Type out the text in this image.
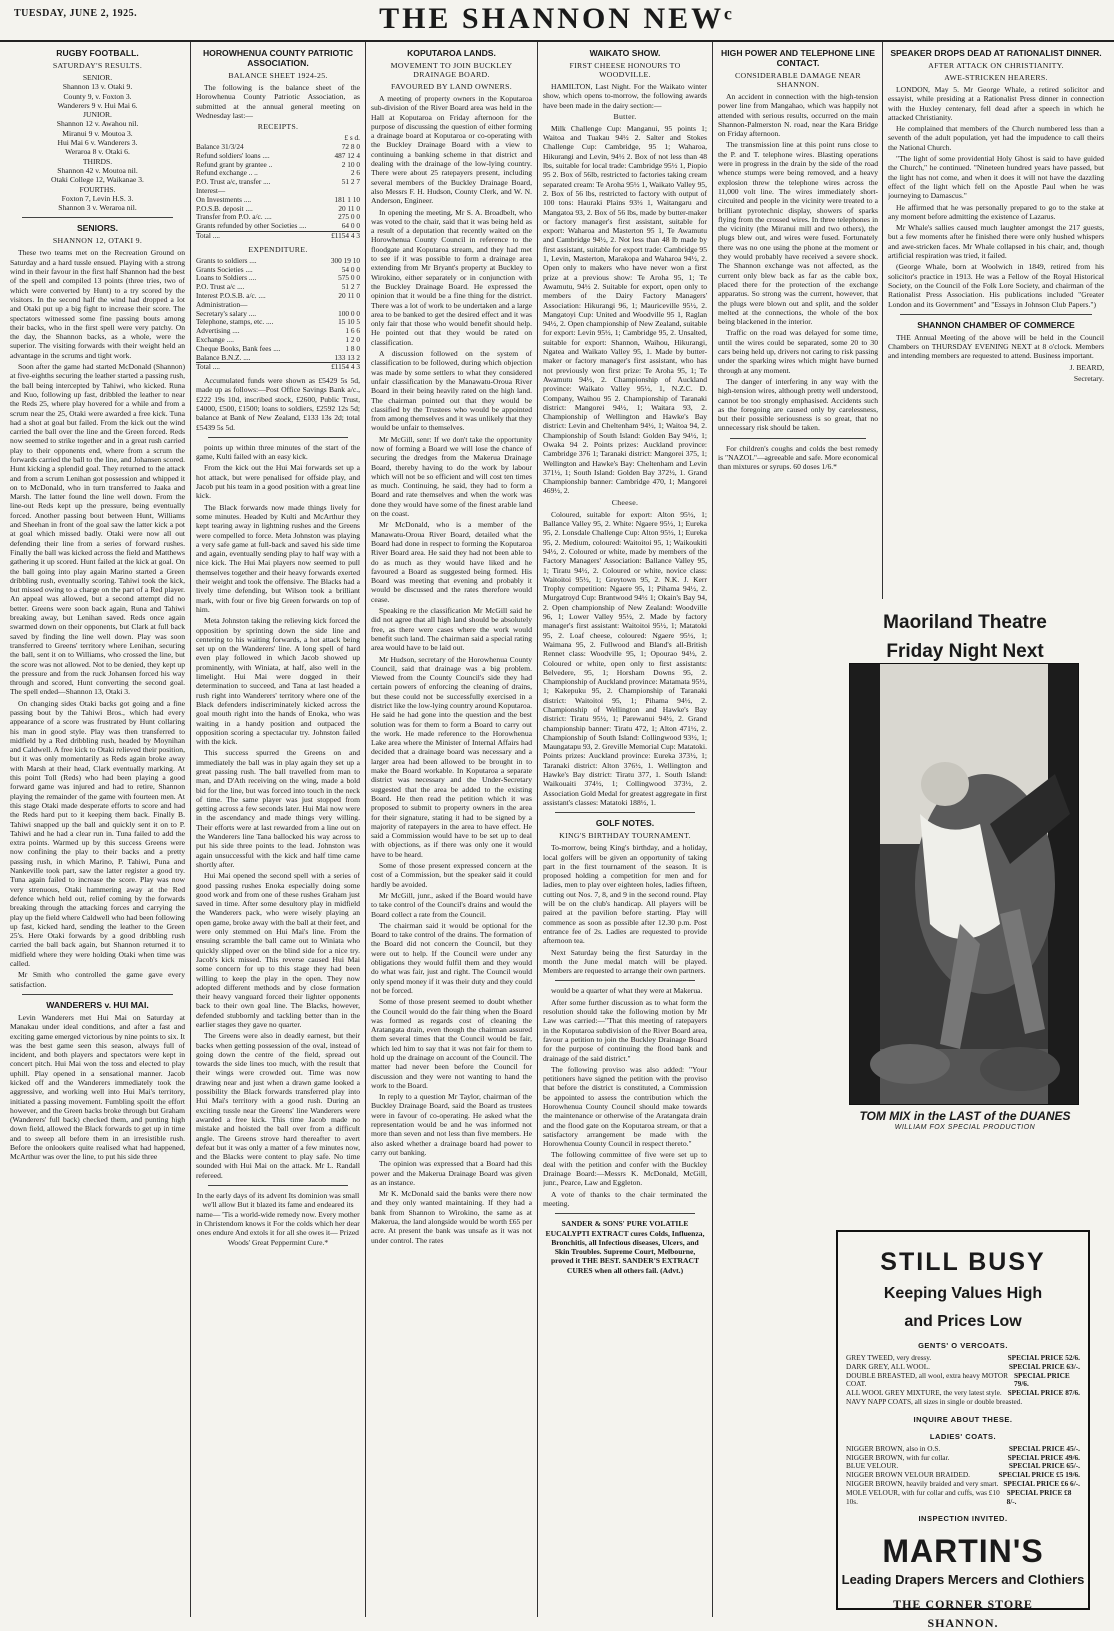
TUESDAY, JUNE 2, 1925.	THE SHANNON NEWᶜ
RUGBY FOOTBALL.
SATURDAY'S RESULTS.

SENIOR.

Shannon 13 v. Otaki 9.

County 9, v. Foxton 3.

Wanderers 9 v. Hui Mai 6.

JUNIOR.

Shannon 12 v. Awahou nil.

Miranui 9 v. Moutoa 3.

Hui Mai 6 v. Wanderers 3.

Weraroa 8 v. Otaki 6.

THIRDS.

Shannon 42 v. Moutoa nil.

Otaki College 12, Waikanae 3.

FOURTHS.

Foxton 7, Levin H.S. 3.

Shannon 3 v. Weraroa nil.

SENIORS.
SHANNON 12, OTAKI 9.

These two teams met on the Recreation Ground on Saturday and a hard tussle ensued. Playing with a strong wind in their favour in the first half Shannon had the best of the spell and compiled 13 points (three tries, two of which were converted by Hunt) to a try scored by the visitors. In the second half the wind had dropped a lot and Otaki put up a big fight to increase their score. The spectators witnessed some fine passing bouts among their backs, who in the first spell were very patchy. On the day, the Shannon backs, as a whole, were the superior. The visiting forwards with their weight held an advantage in the scrums and tight work.

Soon after the game had started McDonald (Shannon) at five-eighths securing the leather started a passing rush, the ball being intercepted by Tahiwi, who kicked. Runa and Kuo, following up fast, dribbled the leather to near the Reds 25, where play hovered for a while and from a scrum near the 25, Otaki were awarded a free kick. Tuna had a shot at goal but failed. From the kick out the wind carried the ball over the line and the Green forced. Reds now seemed to strike together and in a great rush carried play to their opponents end, where from a scrum the forwards carried the ball to the line, and Johansen scored. Hunt kicking a splendid goal. They returned to the attack and from a scrum Lenihan got possession and whipped it on to McDonald, who in turn transferred to Jaaka and Marsh. The latter found the line well down. From the line-out Reds kept up the pressure, being eventually forced. Another passing bout between Hunt, Williams and Sheehan in front of the goal saw the latter kick a pot at goal which missed badly. Otaki were now all out defending their line from a series of forward rushes. Finally the ball was kicked across the field and Matthews gathering it up scored. Hunt failed at the kick at goal. On the ball going into play again Marino started a Green dribbling rush, eventually scoring. Tahiwi took the kick, but missed owing to a charge on the part of a Red player. An appeal was allowed, but a second attempt did no better. Greens were soon back again, Runa and Tahiwi breaking away, but Lenihan saved. Reds once again swarmed down on their opponents, but Clark at full back saved by finding the line well down. Play was soon transferred to Greens' territory where Lenihan, securing the ball, sent it on to Williams, who crossed the line, but the score was not allowed. Not to be denied, they kept up the pressure and from the ruck Johansen forced his way through and scored, Hunt converting the second goal. The spell ended—Shannon 13, Otaki 3.

On changing sides Otaki backs got going and a fine passing bout by the Tahiwi Bros., which had every appearance of a score was frustrated by Hunt collaring his man in good style. Play was then transferred to midfield by a Red dribbling rush, headed by Moynihan and Caldwell. A free kick to Otaki relieved their position, but it was only momentarily as Reds again broke away with Marsh at their head, Clark eventually marking. At this point Toll (Reds) who had been playing a good forward game was injured and had to retire, Shannon playing the remainder of the game with fourteen men. At this stage Otaki made desperate efforts to score and had the Reds hard put to it keeping them back. Finally B. Tahiwi snapped up the ball and quickly sent it on to P. Tahiwi and he had a clear run in. Tuna failed to add the extra points. Warmed up by this success Greens were now confining the play to their backs and a pretty passing rush, in which Marino, P. Tahiwi, Puna and Nankeville took part, saw the latter register a good try. Tuna again failed to increase the score. Play was now very strenuous, Otaki hammering away at the Red defence which held out, relief coming by the forwards breaking through the attacking forces and carrying the play up the field where Caldwell who had been following up fast, kicked hard, sending the leather to the Green 25's. Here Otaki forwards by a good dribbling rush carried the ball back again, but Shannon returned it to midfield where they were holding Otaki when time was called.

Mr Smith who controlled the game gave every satisfaction.

WANDERERS v. HUI MAI.

Levin Wanderers met Hui Mai on Saturday at Manakau under ideal conditions, and after a fast and exciting game emerged victorious by nine points to six. It was the best game seen this season, always full of incident, and both players and spectators were kept in concert pitch. Hui Mai won the toss and elected to play uphill. Play opened in a sensational manner. Jacob kicked off and the Wanderers immediately took the aggressive, and working well into Hui Mai's territory, initiated a passing movement. Fumbling spoilt the effort however, and the Green backs broke through but Graham (Wanderers' full back) checked them, and punting high down field, allowed the Black forwards to get up in time and to sweep all before them in an irresistible rush. Before the onlookers quite realised what had happened, McArthur was over the line, to put his side three

HOROWHENUA COUNTY PATRIOTIC ASSOCIATION.
BALANCE SHEET 1924-25.

The following is the balance sheet of the Horowhenua County Patriotic Association, as submitted at the annual general meeting on Wednesday last:—

RECEIPTS.
	£ s d.
Balance 31/3/24	72 8 0
Refund soldiers' loans ....	487 12 4
Refund grant by grantee ..	2 10 0
Refund exchange .. ..	2 6
P.O. Trust a/c, transfer ....	51 2 7
Interest—	
On Investments ....	181 1 10
P.O.S.B. deposit ....	20 11 0
Transfer from P.O. a/c. ....	275 0 0
Grants refunded by other Societies ....	64 0 0
Total ....	£1154 4 3
EXPENDITURE.
Grants to soldiers ....	300 19 10
Grants Societies ....	54 0 0
Loans to Soldiers ....	575 0 0
P.O. Trust a/c ....	51 2 7
Interest P.O.S.B. a/c. ....	20 11 0
Administration—	
Secretary's salary ....	100 0 0
Telephone, stamps, etc. ....	15 10 5
Advertising ....	1 6 6
Exchange ....	1 2 0
Cheque Books, Bank fees ....	1 8 0
Balance B.N.Z. ....	133 13 2
Total ....	£1154 4 3

Accumulated funds were shown as £5429 5s 5d, made up as follows:—Post Office Savings Bank a/c., £222 19s 10d, inscribed stock, £2600, Public Trust, £4000, £500, £1500; loans to soldiers, £2592 12s 5d; balance at Bank of New Zealand, £133 13s 2d; total £5439 5s 5d.

points up within three minutes of the start of the game, Kulti failed with an easy kick.

From the kick out the Hui Mai forwards set up a hot attack, but were penalised for offside play, and Jacob put his team in a good position with a great line kick.

The Black forwards now made things lively for some minutes. Headed by Kulti and McArthur they kept tearing away in lightning rushes and the Greens were compelled to force. Meta Johnston was playing a very safe game at full-back and saved his side time and again, eventually sending play to half way with a nice kick. The Hui Mai players now seemed to pull themselves together and their heavy forwards exerted their weight and took the offensive. The Blacks had a lively time defending, but Wilson took a brilliant mark, with four or five big Green forwards on top of him.

Meta Johnston taking the relieving kick forced the opposition by sprinting down the side line and centering to his waiting forwards, a hot attack being set up on the Wanderers' line. A long spell of hard even play followed in which Jacob showed up prominently, with Winiata, at half, also well in the limelight. Hui Mai were dogged in their determination to succeed, and Tana at last headed a rush right into Wanderers' territory where one of the Black defenders indiscriminately kicked across the goal mouth right into the hands of Enoka, who was waiting in a handy position and outpaced the opposition scoring a spectacular try. Johnston failed with the kick.

This success spurred the Greens on and immediately the ball was in play again they set up a great passing rush. The ball travelled from man to man, and D'Ath receiving on the wing, made a bold bid for the line, but was forced into touch in the neck of time. The same player was just stopped from getting across a few seconds later. Hui Mai now were in the ascendancy and made things very willing. Their efforts were at last rewarded from a line out on the Wanderers line Tana ballocked his way across to put his side three points to the lead. Johnston was again unsuccessful with the kick and half time came shortly after.

Hui Mai opened the second spell with a series of good passing rushes Enoka especially doing some good work and from one of these rushes Graham just saved in time. After some desultory play in midfield the Wanderers pack, who were wisely playing an open game, broke away with the ball at their feet, and were only stemmed on Hui Mai's line. From the ensuing scramble the ball came out to Winiata who quickly slipped over on the blind side for a nice try. Jacob's kick missed. This reverse caused Hui Mai some concern for up to this stage they had been willing to keep the play in the open. They now adopted different methods and by close formation their heavy vanguard forced their lighter opponents back to their own goal line. The Blacks, however, defended stubbornly and tackling better than in the earlier stages they gave no quarter.

The Greens were also in deadly earnest, but their backs when getting possession of the oval, instead of going down the centre of the field, spread out towards the side lines too much, with the result that their wings were crowded out. Time was now drawing near and just when a drawn game looked a possibility the Black forwards transferred play into Hui Mai's territory with a good rush. During an exciting tussle near the Greens' line Wanderers were awarded a free kick. This time Jacob made no mistake and hoisted the ball over from a difficult angle. The Greens strove hard thereafter to avert defeat but it was only a matter of a few minutes now, and the Blacks were content to play safe. No time sounded with Hui Mai on the attack. Mr L. Randall refereed.

In the early days of its advent Its dominion was small we'll allow But it blazed its fame and endeared its name— 'Tis a world-wide remedy now. Every mother in Christendom knows it For the colds which her dear ones endure And extols it for all she owes it— Prized Woods' Great Peppermint Cure.*

KOPUTAROA LANDS.
MOVEMENT TO JOIN BUCKLEY DRAINAGE BOARD.
FAVOURED BY LAND OWNERS.

A meeting of property owners in the Koputaroa sub-division of the River Board area was held in the Hall at Koputaroa on Friday afternoon for the purpose of discussing the question of either forming a drainage board at Koputaroa or co-operating with the Buckley Drainage Board with a view to continuing a banking scheme in that district and dealing with the drainage of the low-lying country. There were about 25 ratepayers present, including several members of the Buckley Drainage Board, also Messrs F. H. Hudson, County Clerk, and W. N. Anderson, Engineer.

In opening the meeting, Mr S. A. Broadbelt, who was voted to the chair, said that it was being held as a result of a deputation that recently waited on the Horowhenua County Council in reference to the floodgate and Koputaroa stream, and they had met to see if it was possible to form a drainage area extending from Mr Bryant's property at Buckley to Wirokino, either separately or in conjunction with the Buckley Drainage Board. He expressed the opinion that it would be a fine thing for the district. There was a lot of work to be undertaken and a large area to be banked to get the desired effect and it was only fair that those who would benefit should help. He pointed out that they would be rated on classification.

A discussion followed on the system of classification to be followed, during which objection was made by some settlers to what they considered unfair classification by the Manawatu-Oroua River Board in their being heavily rated on the high land. The chairman pointed out that they would be classified by the Trustees who would be appointed from among themselves and it was unlikely that they would be unfair to themselves.

Mr McGill, senr: If we don't take the opportunity now of forming a Board we will lose the chance of securing the dredges from the Makerua Drainage Board, thereby having to do the work by labour which will not be so efficient and will cost ten times as much. Continuing, he said, they had to form a Board and rate themselves and when the work was done they would have some of the finest arable land on the coast.

Mr McDonald, who is a member of the Manawatu-Oroua River Board, detailed what the Board had done in respect to forming the Koputaroa River Board area. He said they had not been able to do as much as they would have liked and he favoured a Board as suggested being formed. His Board was meeting that evening and probably it would be discussed and the rates therefore would cease.

Speaking re the classification Mr McGill said he did not agree that all high land should be absolutely free, as there were cases where the work would benefit such land. The chairman said a special rating area would have to be laid out.

Mr Hudson, secretary of the Horowhenua County Council, said that drainage was a big problem. Viewed from the County Council's side they had certain powers of enforcing the cleaning of drains, but these could not be successfully exercised in a district like the low-lying country around Koputaroa. He said he had gone into the question and the best solution was for them to form a Board to carry out the work. He made reference to the Horowhenua Lake area where the Minister of Internal Affairs had decided that a drainage board was necessary and a larger area had been allowed to be brought in to make the Board workable. In Koputaroa a separate district was necessary and the Under-Secretary suggested that the area be added to the existing Board. He then read the petition which it was proposed to submit to property owners in the area for their signature, stating it had to be signed by a majority of ratepayers in the area to have effect. He said a Commission would have to be set up to deal with objections, as if there was only one it would have to be heard.

Some of those present expressed concern at the cost of a Commission, but the speaker said it could hardly be avoided.

Mr McGill, junr., asked if the Board would have to take control of the Council's drains and would the Board collect a rate from the Council.

The chairman said it would be optional for the Board to take control of the drains. The formation of the Board did not concern the Council, but they were out to help. If the Council were under any obligations they would fulfil them and they would do what was fair, just and right. The Council would only spend money if it was their duty and they could not be forced.

Some of those present seemed to doubt whether the Council would do the fair thing when the Board was formed as regards cost of cleaning the Aratangata drain, even though the chairman assured them several times that the Council would be fair, which led him to say that it was not fair for them to hold up the drainage on account of the Council. The matter had never been before the Council for discussion and they were not wanting to hand the work to the Board.

In reply to a question Mr Taylor, chairman of the Buckley Drainage Board, said the Board as trustees were in favour of co-operating. He asked what the representation would be and he was informed not more than seven and not less than five members. He also asked whether a drainage board had power to carry out banking.

The opinion was expressed that a Board had this power and the Makerua Drainage Board was given as an instance.

Mr K. McDonald said the banks were there now and they only wanted maintaining. If they had a bank from Shannon to Wirokino, the same as at Makerua, the land alongside would be worth £65 per acre. At present the bank was unsafe as it was not under control. The rates

WAIKATO SHOW.
FIRST CHEESE HONOURS TO WOODVILLE.

HAMILTON, Last Night. For the Waikato winter show, which opens to-morrow, the following awards have been made in the dairy section:—

Butter.

Milk Challenge Cup: Manganui, 95 points 1; Waitoa and Tuakau 94½ 2. Salter and Stokes Challenge Cup: Cambridge, 95 1; Waharoa, Hikurangi and Levin, 94½ 2. Box of not less than 48 lbs, suitable for local trade: Cambridge 95½ 1, Piopio 95 2. Box of 56lb, restricted to factories taking cream separated cream: Te Aroha 95½ 1, Waikato Valley 95, 2. Box of 56 lbs, restricted to factory with output of 100 tons: Hauraki Plains 93½ 1, Waitangaru and Mangatoa 93, 2. Box of 56 lbs, made by butter-maker or factory manager's first assistant, suitable for export: Waharoa and Masterton 95 1, Te Awamutu and Cambridge 94½, 2. Not less than 48 lb made by first assistant, suitable for export trade: Cambridge 95 1, Levin, Masterton, Marakopa and Waharoa 94½, 2. Open only to makers who have never won a first prize at a previous show: Te Aroha 95, 1; Te Awamutu, 94½ 2. Suitable for export, open only to members of the Dairy Factory Managers' Association: Hikurangi 96, 1; Mauriceville 95½, 2. Mangatoyi Cup: United and Woodville 95 1, Raglan 94½, 2. Open championship of New Zealand, suitable for export: Levin 95½, 1; Cambridge 95, 2. Unsalted, suitable for export: Shannon, Waihou, Hikurangi, Ngatea and Waikato Valley 95, 1. Made by butter-maker or factory manager's first assistant, who has not previously won first prize: Te Aroha 95, 1; Te Awamutu 94½, 2. Championship of Auckland province: Waikato Valley 95½, 1, N.Z.C. D. Company, Waihou 95 2. Championship of Taranaki district: Mangorei 94½, 1; Waitara 93, 2. Championship of Wellington and Hawke's Bay district: Levin and Cheltenham 94½, 1; Waitoa 94, 2. Championship of South Island: Golden Bay 94½, 1; Owaka 94 2. Points prizes: Auckland province: Cambridge 376 1; Taranaki district: Mangorei 375, 1; Wellington and Hawke's Bay: Cheltenham and Levin 371½, 1; South Island: Golden Bay 372½, 1. Grand Championship banner: Cambridge 470, 1; Mangorei 469½, 2.

Cheese.

Coloured, suitable for export: Alton 95½, 1; Ballance Valley 95, 2. White: Ngaere 95½, 1; Eureka 95, 2. Lonsdale Challenge Cup: Alton 95½, 1; Eureka 95, 2. Medium, coloured: Waitoitoi 95, 1; Waikoukiti 94½, 2. Coloured or white, made by members of the Factory Managers' Association: Ballance Valley 95, 1; Tiratu 94½, 2. Coloured or white, novice class: Waitoitoi 95½, 1; Greytown 95, 2. N.K. J. Kerr Trophy competition: Ngaere 95, 1; Pihama 94½, 2. Murgatroyd Cup: Brantwood 94½ 1; Okain's Bay 94, 2. Open championship of New Zealand: Woodville 96, 1; Lower Valley 95½, 2. Made by factory manager's first assistant: Waitoitoi 95½, 1; Matatoki 95, 2. Loaf cheese, coloured: Ngaere 95½, 1; Waimana 95, 2. Fullwood and Bland's all-British Rennet class: Woodville 95, 1; Opourao 94½, 2. Coloured or white, open only to first assistants: Belvedere, 95, 1; Horsham Downs 95, 2. Championship of Auckland province: Matamata 95½, 1; Kakepuku 95, 2. Championship of Taranaki district: Waitoitoi 95, 1; Pihama 94½, 2. Championship of Wellington and Hawke's Bay district: Tiratu 95½, 1; Parewanui 94½, 2. Grand championship banner: Tiratu 472, 1; Alton 471½, 2. Championship of South Island: Collingwood 93½, 1; Maungatapu 93, 2. Greville Memorial Cup: Matatoki. Points prizes: Auckland province: Eureka 373½, 1; Taranaki district: Alton 376½, 1. Wellington and Hawke's Bay district: Tiratu 377, 1. South Island: Waikouaiti 374½, 1; Collingwood 373½, 2. Association Gold Medal for greatest aggregate in first assistant's classes: Matatoki 188½, 1.

GOLF NOTES.
KING'S BIRTHDAY TOURNAMENT.

To-morrow, being King's birthday, and a holiday, local golfers will be given an opportunity of taking part in the first tournament of the season. It is proposed holding a competition for men and for ladies, men to play over eighteen holes, ladies fifteen, cutting out Nos. 7, 8, and 9 in the second round. Play will be on the club's handicap. All players will be paired at the pavilion before starting. Play will commence as soon as possible after 12.30 p.m. Post entrance fee of 2s. Ladies are requested to provide afternoon tea.

Next Saturday being the first Saturday in the month the June medal match will be played. Members are requested to arrange their own partners.

would be a quarter of what they were at Makerua.

After some further discussion as to what form the resolution should take the following motion by Mr Law was carried:—"That this meeting of ratepayers in the Koputaroa subdivision of the River Board area, favour a petition to join the Buckley Drainage Board for the purpose of continuing the flood bank and drainage of the said district."

The following proviso was also added: "Your petitioners have signed the petition with the proviso that before the district is constituted, a Commission be appointed to assess the contribution which the Horowhenua County Council should make towards the maintenance or otherwise of the Aratangata drain and the flood gate on the Koputaroa stream, or that a satisfactory arrangement be made with the Horowhenua County Council in respect thereto."

The following committee of five were set up to deal with the petition and confer with the Buckley Drainage Board:—Messrs K. McDonald, McGill, junr., Pearce, Law and Eggleton.

A vote of thanks to the chair terminated the meeting.

SANDER & SONS' PURE VOLATILE EUCALYPTI EXTRACT cures Colds, Influenza, Bronchitis, all Infectious diseases, Ulcers, and Skin Troubles. Supreme Court, Melbourne, proved it THE BEST. SANDER'S EXTRACT CURES when all others fail. (Advt.)

HIGH POWER AND TELEPHONE LINE CONTACT.
CONSIDERABLE DAMAGE NEAR SHANNON.

An accident in connection with the high-tension power line from Mangahao, which was happily not attended with serious results, occurred on the main Shannon-Palmerston N. road, near the Kara Bridge on Friday afternoon.

The transmission line at this point runs close to the P. and T. telephone wires. Blasting operations were in progress in the drain by the side of the road whence stumps were being removed, and a heavy explosion threw the telephone wires across the 11,000 volt line. The wires immediately short-circuited and people in the vicinity were treated to a brilliant pyrotechnic display, showers of sparks flying from the crossed wires. In three telephones in the vicinity (the Miranui mill and two others), the plugs blew out, and wires were fused. Fortunately there was no one using the phone at the moment or they would probably have received a severe shock. The Shannon exchange was not affected, as the current only blew back as far as the cable box, placed there for the protection of the exchange apparatus. So strong was the current, however, that the plugs were blown out and split, and the solder melted at the connections, the whole of the box being blackened in the interior.

Traffic on the road was delayed for some time, until the wires could be separated, some 20 to 30 cars being held up, drivers not caring to risk passing under the sparking wires which might have burned through at any moment.

The danger of interfering in any way with the high-tension wires, although pretty well understood, cannot be too strongly emphasised. Accidents such as the foregoing are caused only by carelessness, but their possible seriousness is so great, that no unnecessary risk should be taken.

For children's coughs and colds the best remedy is "NAZOL"—agreeable and safe. More economical than mixtures or syrups. 60 doses 1/6.*

SPEAKER DROPS DEAD AT RATIONALIST DINNER.
AFTER ATTACK ON CHRISTIANITY.
AWE-STRICKEN HEARERS.

LONDON, May 5. Mr George Whale, a retired solicitor and essayist, while presiding at a Rationalist Press dinner in connection with the Huxley centenary, fell dead after a speech in which he attacked Christianity.

He complained that members of the Church numbered less than a seventh of the adult population, yet had the impudence to call theirs the National Church.

"The light of some providential Holy Ghost is said to have guided the Church," he continued. "Nineteen hundred years have passed, but the light has not come, and when it does it will not have the dazzling effect of the light which fell on the Apostle Paul when he was journeying to Damascus."

He affirmed that he was personally prepared to go to the stake at any moment before admitting the existence of Lazarus.

Mr Whale's sallies caused much laughter amongst the 217 guests, but a few moments after he finished there were only hushed whispers and awe-stricken faces. Mr Whale collapsed in his chair, and, though artificial respiration was tried, it failed.

(George Whale, born at Woolwich in 1849, retired from his solicitor's practice in 1913. He was a Fellow of the Royal Historical Society, on the Council of the Folk Lore Society, and chairman of the Rationalist Press Association. His publications included "Greater London and its Government" and "Essays in Johnson Club Papers.")

SHANNON CHAMBER OF COMMERCE

THE Annual Meeting of the above will be held in the Council Chambers on THURSDAY EVENING NEXT at 8 o'clock. Members and intending members are requested to attend. Business important.

J. BEARD,

Secretary.

Maoriland Theatre
Friday Night Next
TOM MIX in the LAST of the DUANES
WILLIAM FOX SPECIAL PRODUCTION
STILL BUSY
Keeping Values High
and Prices Low
GENTS' O VERCOATS.
GREY TWEED, very dressy.	SPECIAL PRICE 52/6.
DARK GREY, ALL WOOL.	SPECIAL PRICE 63/-.
DOUBLE BREASTED, all wool, extra heavy MOTOR COAT.
SPECIAL PRICE 79/6.
ALL WOOL GREY MIXTURE, the very latest style. SPECIAL PRICE 87/6.
NAVY NAPP COATS, all sizes in single or double breasted.
INQUIRE ABOUT THESE.
LADIES' COATS.
NIGGER BROWN, also in O.S.	SPECIAL PRICE 45/-.
NIGGER BROWN, with fur collar.	SPECIAL PRICE 49/6.
BLUE VELOUR.	SPECIAL PRICE 65/-.
NIGGER BROWN VELOUR BRAIDED.	SPECIAL PRICE £5 19/6.
NIGGER BROWN, heavily braided and very smart. SPECIAL PRICE £6 6/-.
MOLE VELOUR, with fur collar and cuffs, was £10 10s.
SPECIAL PRICE £8 8/-.
INSPECTION INVITED.
MARTIN'S
Leading Drapers Mercers and Clothiers
THE CORNER STORE
SHANNON.
